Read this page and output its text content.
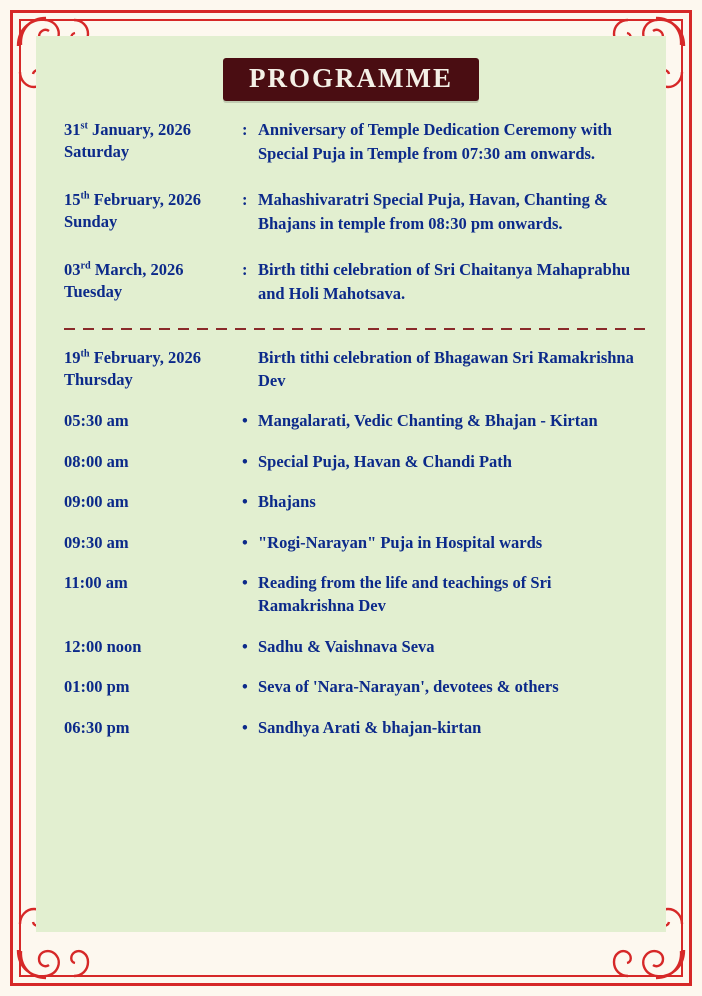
PROGRAMME
31st January, 2026
Saturday
: Anniversary of Temple Dedication Ceremony with Special Puja in Temple from 07:30 am onwards.
15th February, 2026
Sunday
: Mahashivaratri Special Puja, Havan, Chanting & Bhajans in temple from 08:30 pm onwards.
03rd March, 2026
Tuesday
: Birth tithi celebration of Sri Chaitanya Mahaprabhu and Holi Mahotsava.
19th February, 2026
Thursday
Birth tithi celebration of Bhagawan Sri Ramakrishna Dev
05:30 am	• Mangalarati, Vedic Chanting & Bhajan - Kirtan
08:00 am	• Special Puja, Havan & Chandi Path
09:00 am	• Bhajans
09:30 am	• "Rogi-Narayan" Puja in Hospital wards
11:00 am	• Reading from the life and teachings of Sri Ramakrishna Dev
12:00 noon	• Sadhu & Vaishnava Seva
01:00 pm	• Seva of 'Nara-Narayan', devotees & others
06:30 pm	• Sandhya Arati & bhajan-kirtan
